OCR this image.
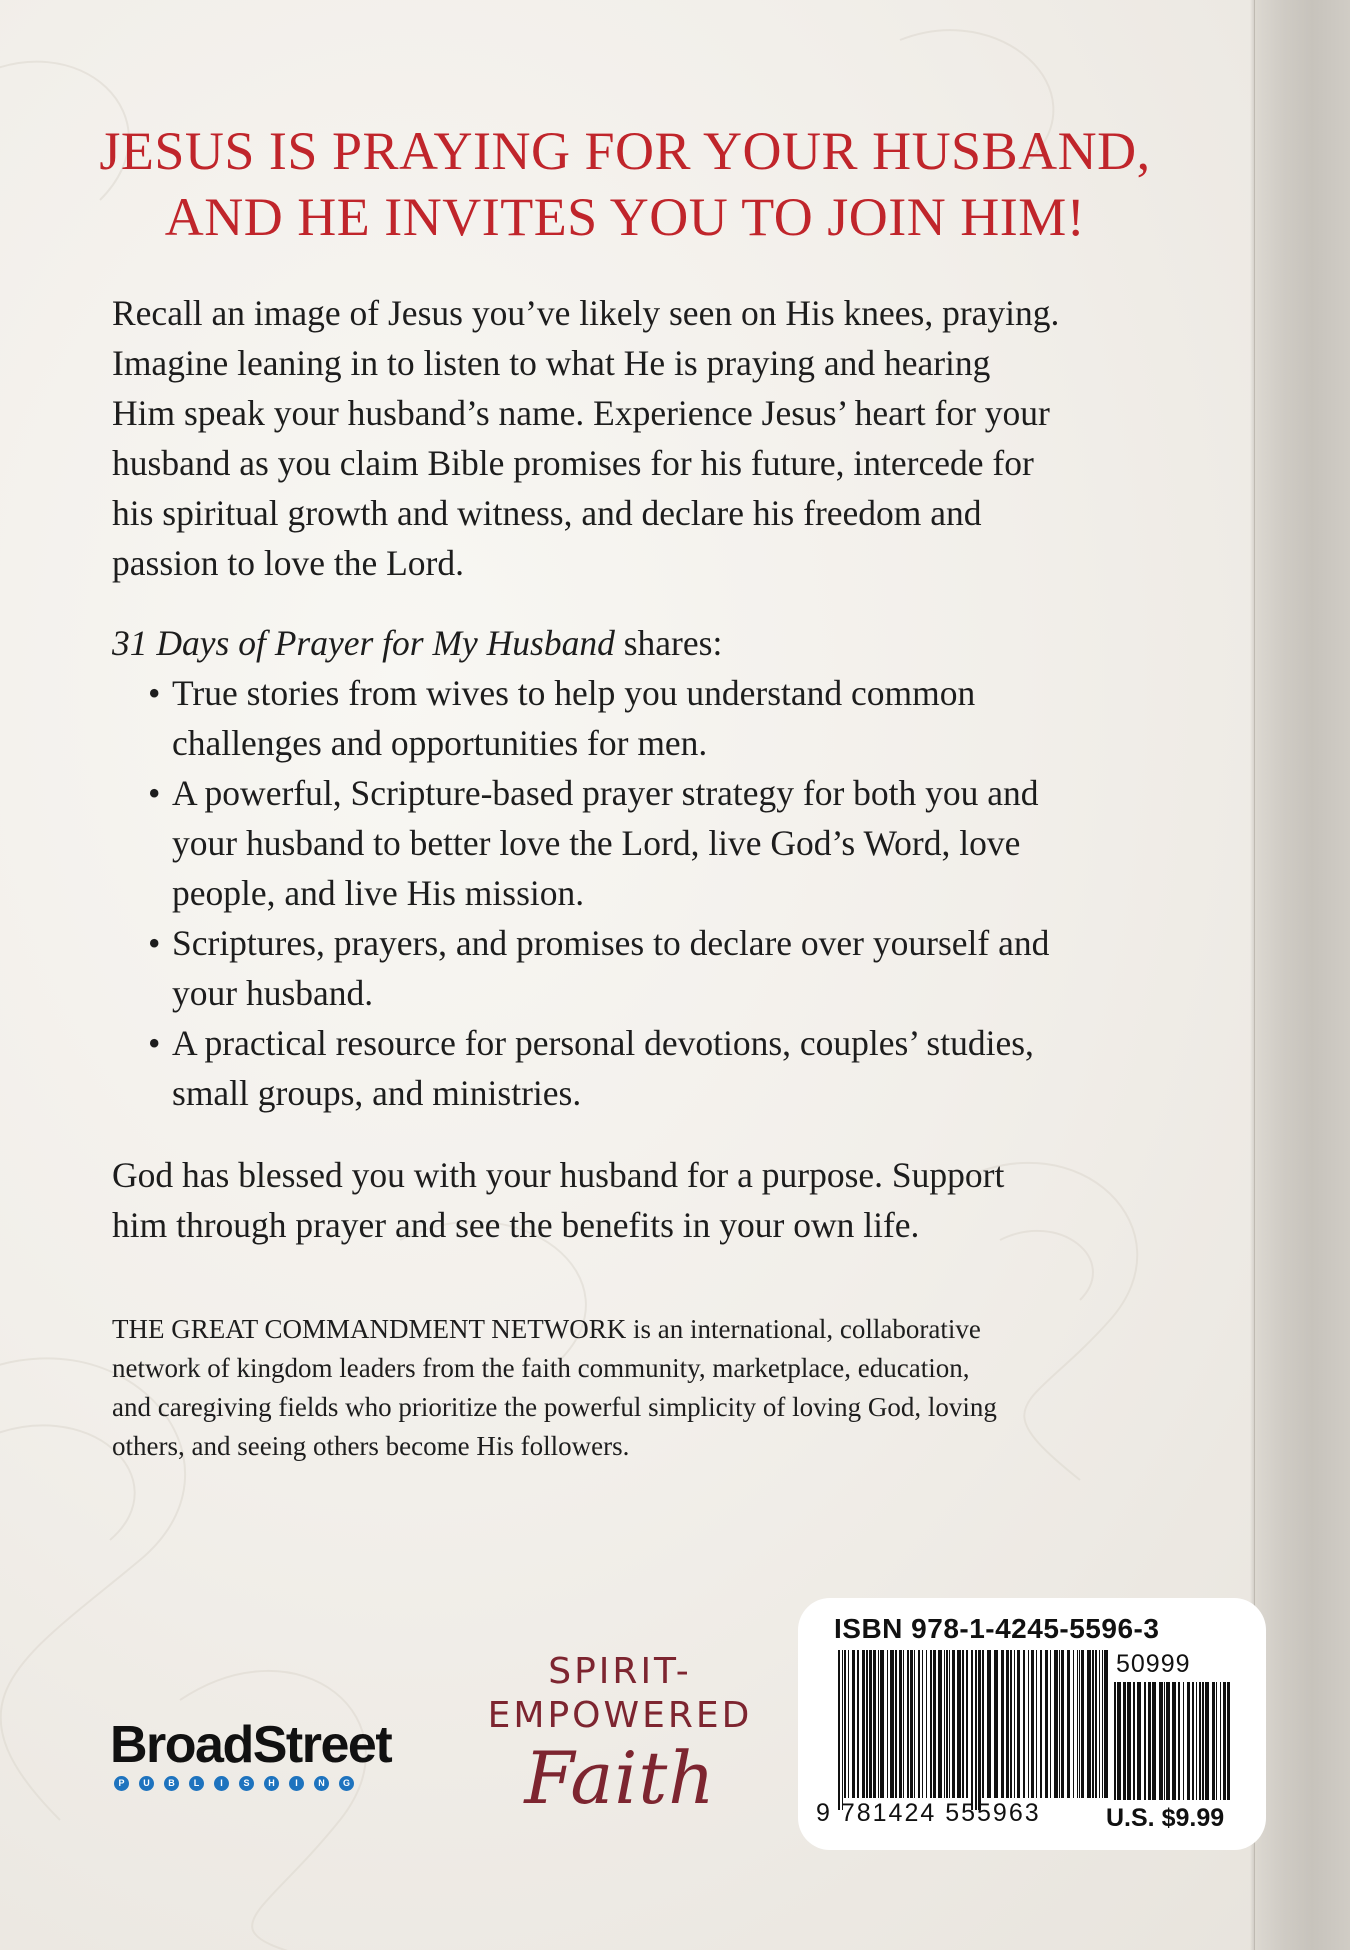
JESUS IS PRAYING FOR YOUR HUSBAND,
AND HE INVITES YOU TO JOIN HIM!

Recall an image of Jesus you’ve likely seen on His knees, praying.
Imagine leaning in to listen to what He is praying and hearing
Him speak your husband’s name. Experience Jesus’ heart for your
husband as you claim Bible promises for his future, intercede for
his spiritual growth and witness, and declare his freedom and
passion to love the Lord.

31 Days of Prayer for My Husband shares:

• True stories from wives to help you understand common
challenges and opportunities for men.
• A powerful, Scripture-based prayer strategy for both you and
your husband to better love the Lord, live God’s Word, love
people, and live His mission.
• Scriptures, prayers, and promises to declare over yourself and
your husband.
• A practical resource for personal devotions, couples’ studies,
small groups, and ministries.

God has blessed you with your husband for a purpose. Support
him through prayer and see the benefits in your own life.

THE GREAT COMMANDMENT NETWORK is an international, collaborative
network of kingdom leaders from the faith community, marketplace, education,
and caregiving fields who prioritize the powerful simplicity of loving God, loving
others, and seeing others become His followers.

BroadStreet
P	U	B	L	I	S	H	I	N	G
SPIRIT-
EMPOWERED
Faith
ISBN 978-1-4245-5596-3
9 781424 555963
50999
U.S. $9.99
